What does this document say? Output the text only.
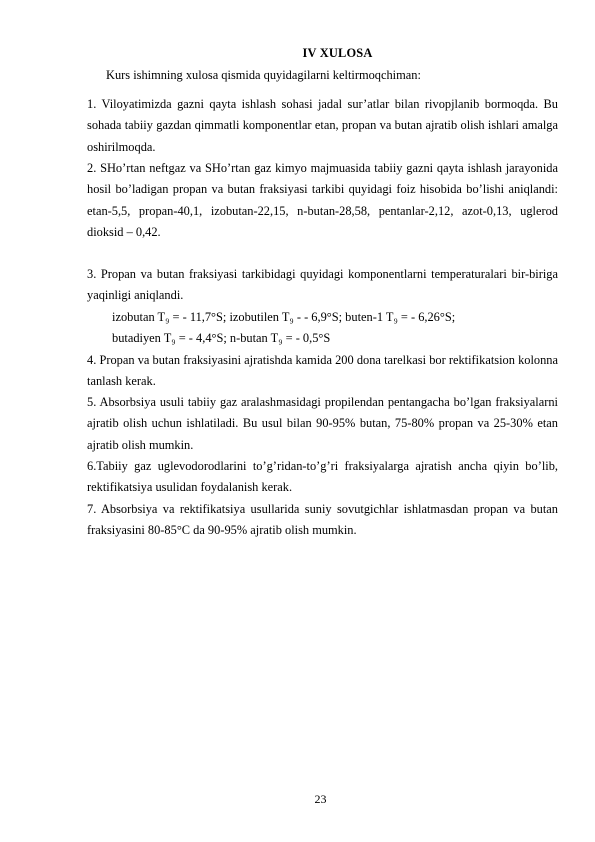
IV XULOSA

Kurs ishimning xulosa qismida quyidagilarni keltirmoqchiman:

1. Viloyatimizda gazni qayta ishlash sohasi jadal sur’atlar bilan rivopjlanib bormoqda. Bu sohada tabiiy gazdan qimmatli komponentlar etan, propan va butan ajratib olish ishlari amalga oshirilmoqda.

2. SHo’rtan neftgaz va SHo’rtan gaz kimyo majmuasida tabiiy gazni qayta ishlash jarayonida hosil bo’ladigan propan va butan fraksiyasi tarkibi quyidagi foiz hisobida bo’lishi aniqlandi: etan-5,5, propan-40,1, izobutan-22,15, n-butan-28,58, pentanlar-2,12, azot-0,13, uglerod dioksid – 0,42.

3. Propan va butan fraksiyasi tarkibidagi quyidagi komponentlarni temperaturalari bir-biriga yaqinligi aniqlandi.

izobutan T₉ = - 11,7°S; izobutilen T₉ - - 6,9°S; buten-1 T₉ = - 6,26°S;
butadiyen T₉ = - 4,4°S; n-butan T₉ = - 0,5°S

4. Propan va butan fraksiyasini ajratishda kamida 200 dona tarelkasi bor rektifikatsion kolonna tanlash kerak.

5. Absorbsiya usuli tabiiy gaz aralashmasidagi propilendan pentangacha bo’lgan fraksiyalarni ajratib olish uchun ishlatiladi. Bu usul bilan 90-95% butan, 75-80% propan va 25-30% etan ajratib olish mumkin.

6.Tabiiy gaz uglevodorodlarini to’g’ridan-to’g’ri fraksiyalarga ajratish ancha qiyin bo’lib, rektifikatsiya usulidan foydalanish kerak.

7. Absorbsiya va rektifikatsiya usullarida suniy sovutgichlar ishlatmasdan propan va butan fraksiyasini 80-85°C da 90-95% ajratib olish mumkin.

23
